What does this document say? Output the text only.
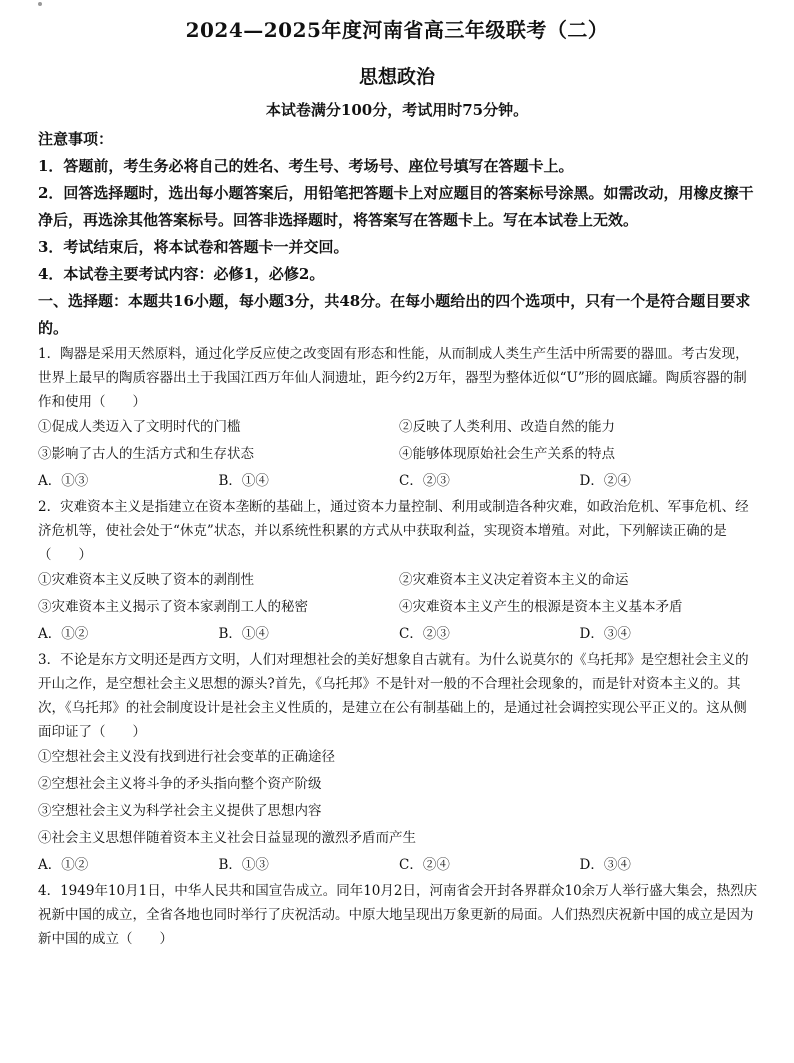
2024—2025年度河南省高三年级联考（二）
思想政治
本试卷满分100分，考试用时75分钟。
注意事项：
1．答题前，考生务必将自己的姓名、考生号、考场号、座位号填写在答题卡上。
2．回答选择题时，选出每小题答案后，用铅笔把答题卡上对应题目的答案标号涂黑。如需改动，用橡皮擦干净后，再选涂其他答案标号。回答非选择题时，将答案写在答题卡上。写在本试卷上无效。
3．考试结束后，将本试卷和答题卡一并交回。
4．本试卷主要考试内容：必修1，必修2。
一、选择题：本题共16小题，每小题3分，共48分。在每小题给出的四个选项中，只有一个是符合题目要求的。
1．陶器是采用天然原料，通过化学反应使之改变固有形态和性能，从而制成人类生产生活中所需要的器皿。考古发现，世界上最早的陶质容器出土于我国江西万年仙人洞遗址，距今约2万年，器型为整体近似“U”形的圆底罐。陶质容器的制作和使用（　　）
①促成人类迈入了文明时代的门槛	②反映了人类利用、改造自然的能力
③影响了古人的生活方式和生存状态	④能够体现原始社会生产关系的特点
A．①③	B．①④	C．②③	D．②④
2．灾难资本主义是指建立在资本垄断的基础上，通过资本力量控制、利用或制造各种灾难，如政治危机、军事危机、经济危机等，使社会处于“休克”状态，并以系统性积累的方式从中获取利益，实现资本增殖。对此，下列解读正确的是（　　）
①灾难资本主义反映了资本的剥削性	②灾难资本主义决定着资本主义的命运
③灾难资本主义揭示了资本家剥削工人的秘密	④灾难资本主义产生的根源是资本主义基本矛盾
A．①②	B．①④	C．②③	D．③④
3．不论是东方文明还是西方文明，人们对理想社会的美好想象自古就有。为什么说莫尔的《乌托邦》是空想社会主义的开山之作，是空想社会主义思想的源头?首先，《乌托邦》不是针对一般的不合理社会现象的，而是针对资本主义的。其次，《乌托邦》的社会制度设计是社会主义性质的，是建立在公有制基础上的，是通过社会调控实现公平正义的。这从侧面印证了（　　）
①空想社会主义没有找到进行社会变革的正确途径
②空想社会主义将斗争的矛头指向整个资产阶级
③空想社会主义为科学社会主义提供了思想内容
④社会主义思想伴随着资本主义社会日益显现的激烈矛盾而产生
A．①②	B．①③	C．②④	D．③④
4．1949年10月1日，中华人民共和国宣告成立。同年10月2日，河南省会开封各界群众10余万人举行盛大集会，热烈庆祝新中国的成立，全省各地也同时举行了庆祝活动。中原大地呈现出万象更新的局面。人们热烈庆祝新中国的成立是因为新中国的成立（　　）
